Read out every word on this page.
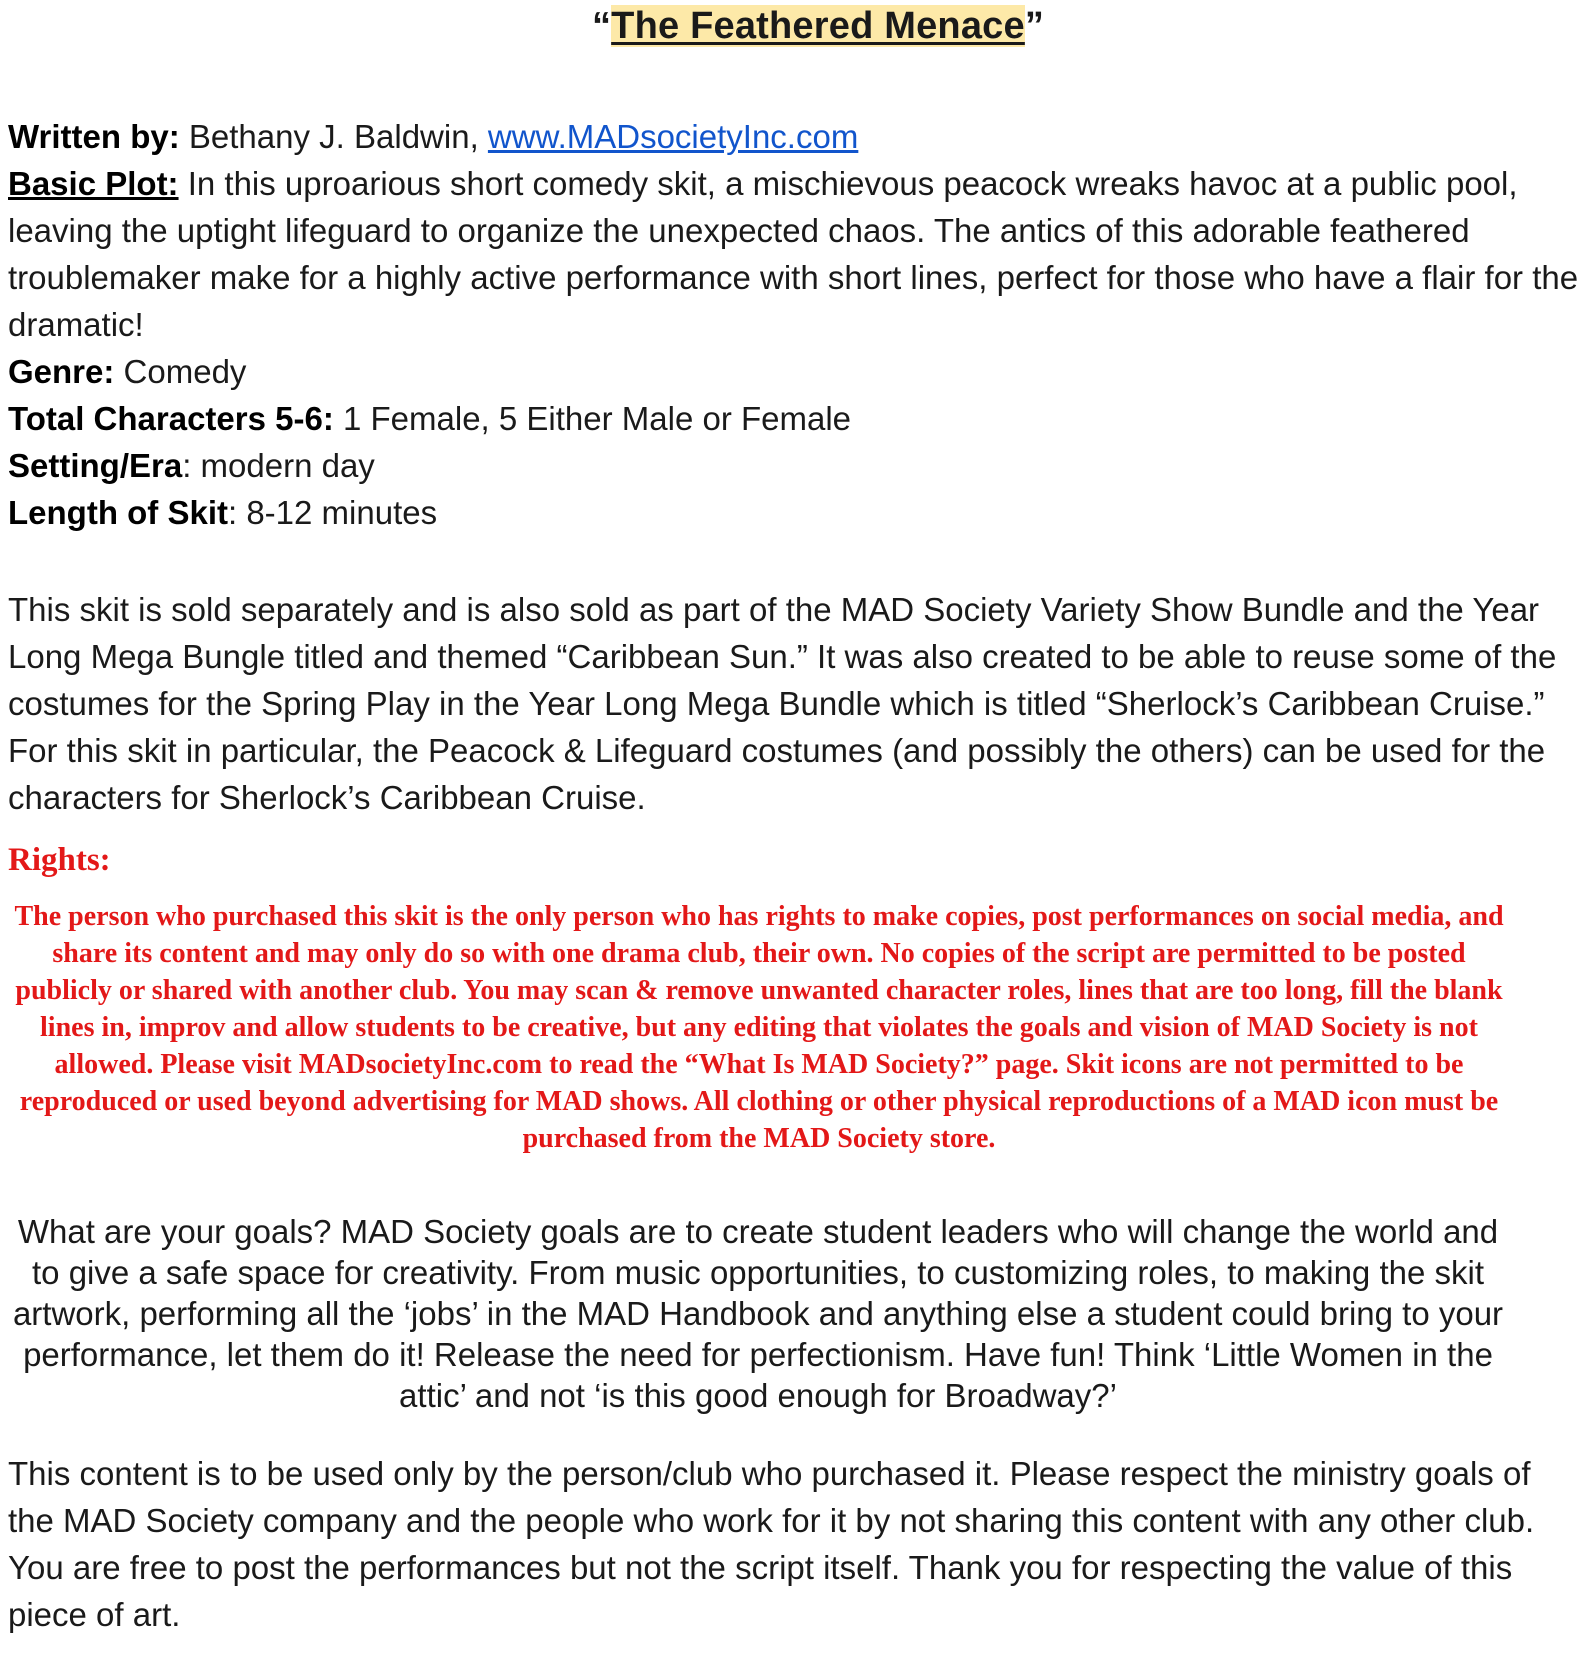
“The Feathered Menace”

Written by: Bethany J. Baldwin, www.MADsocietyInc.com

Basic Plot: In this uproarious short comedy skit, a mischievous peacock wreaks havoc at a public pool, leaving the uptight lifeguard to organize the unexpected chaos. The antics of this adorable feathered troublemaker make for a highly active performance with short lines, perfect for those who have a flair for the dramatic!

Genre: Comedy

Total Characters 5-6: 1 Female, 5 Either Male or Female

Setting/Era: modern day

Length of Skit: 8-12 minutes

This skit is sold separately and is also sold as part of the MAD Society Variety Show Bundle and the Year Long Mega Bungle titled and themed “Caribbean Sun.” It was also created to be able to reuse some of the costumes for the Spring Play in the Year Long Mega Bundle which is titled “Sherlock’s Caribbean Cruise.” For this skit in particular, the Peacock & Lifeguard costumes (and possibly the others) can be used for the characters for Sherlock’s Caribbean Cruise.

Rights:

The person who purchased this skit is the only person who has rights to make copies, post performances on social media, and share its content and may only do so with one drama club, their own. No copies of the script are permitted to be posted publicly or shared with another club. You may scan & remove unwanted character roles, lines that are too long, fill the blank lines in, improv and allow students to be creative, but any editing that violates the goals and vision of MAD Society is not allowed. Please visit MADsocietyInc.com to read the “What Is MAD Society?” page. Skit icons are not permitted to be reproduced or used beyond advertising for MAD shows. All clothing or other physical reproductions of a MAD icon must be purchased from the MAD Society store.

What are your goals? MAD Society goals are to create student leaders who will change the world and to give a safe space for creativity. From music opportunities, to customizing roles, to making the skit artwork, performing all the ‘jobs’ in the MAD Handbook and anything else a student could bring to your performance, let them do it! Release the need for perfectionism. Have fun! Think ‘Little Women in the attic’ and not ‘is this good enough for Broadway?’

This content is to be used only by the person/club who purchased it. Please respect the ministry goals of the MAD Society company and the people who work for it by not sharing this content with any other club. You are free to post the performances but not the script itself. Thank you for respecting the value of this piece of art.
